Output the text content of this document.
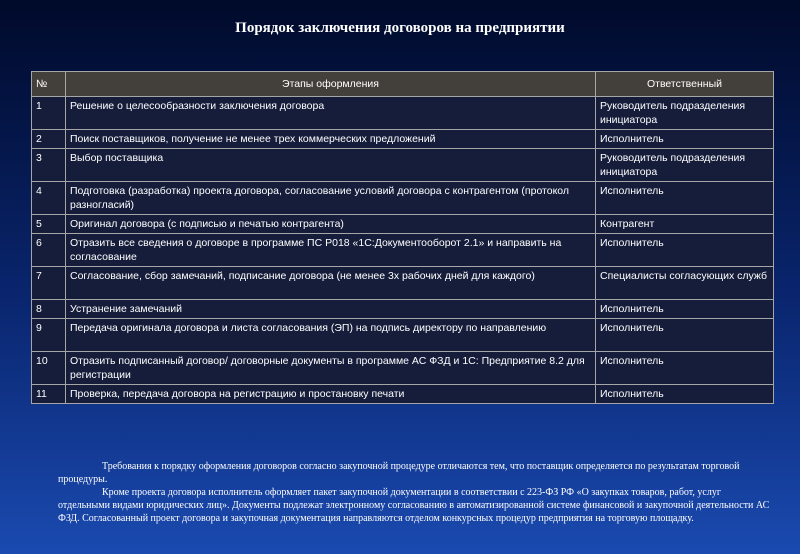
Порядок заключения договоров на предприятии
№	Этапы оформления	Ответственный
1	Решение о целесообразности заключения договора	Руководитель подразделения инициатора
2	Поиск поставщиков, получение не менее трех коммерческих предложений	Исполнитель
3	Выбор поставщика	Руководитель подразделения инициатора
4	Подготовка (разработка) проекта договора, согласование условий договора с контрагентом (протокол разногласий)	Исполнитель
5	Оригинал договора (с подписью и печатью контрагента)	Контрагент
6	Отразить все сведения о договоре в программе ПС Р018 «1С:Документооборот 2.1» и направить на согласование	Исполнитель
7	Согласование, сбор замечаний, подписание договора (не менее 3х рабочих дней для каждого)	Специалисты согласующих служб
8	Устранение замечаний	Исполнитель
9	Передача оригинала договора и листа согласования (ЭП) на подпись директору по направлению	Исполнитель
10	Отразить подписанный договор/ договорные документы в программе АС ФЗД и 1С: Предприятие 8.2 для регистрации	Исполнитель
11	Проверка, передача договора на регистрацию и простановку печати	Исполнитель

Требования к порядку оформления договоров согласно закупочной процедуре отличаются тем, что поставщик определяется по результатам торговой процедуры.

Кроме проекта договора исполнитель оформляет пакет закупочной документации в соответствии с 223-ФЗ РФ «О закупках товаров, работ, услуг отдельными видами юридических лиц». Документы подлежат электронному согласованию в автоматизированной системе финансовой и закупочной деятельности АС ФЗД. Согласованный проект договора и закупочная документация направляются отделом конкурсных процедур предприятия на торговую площадку.
